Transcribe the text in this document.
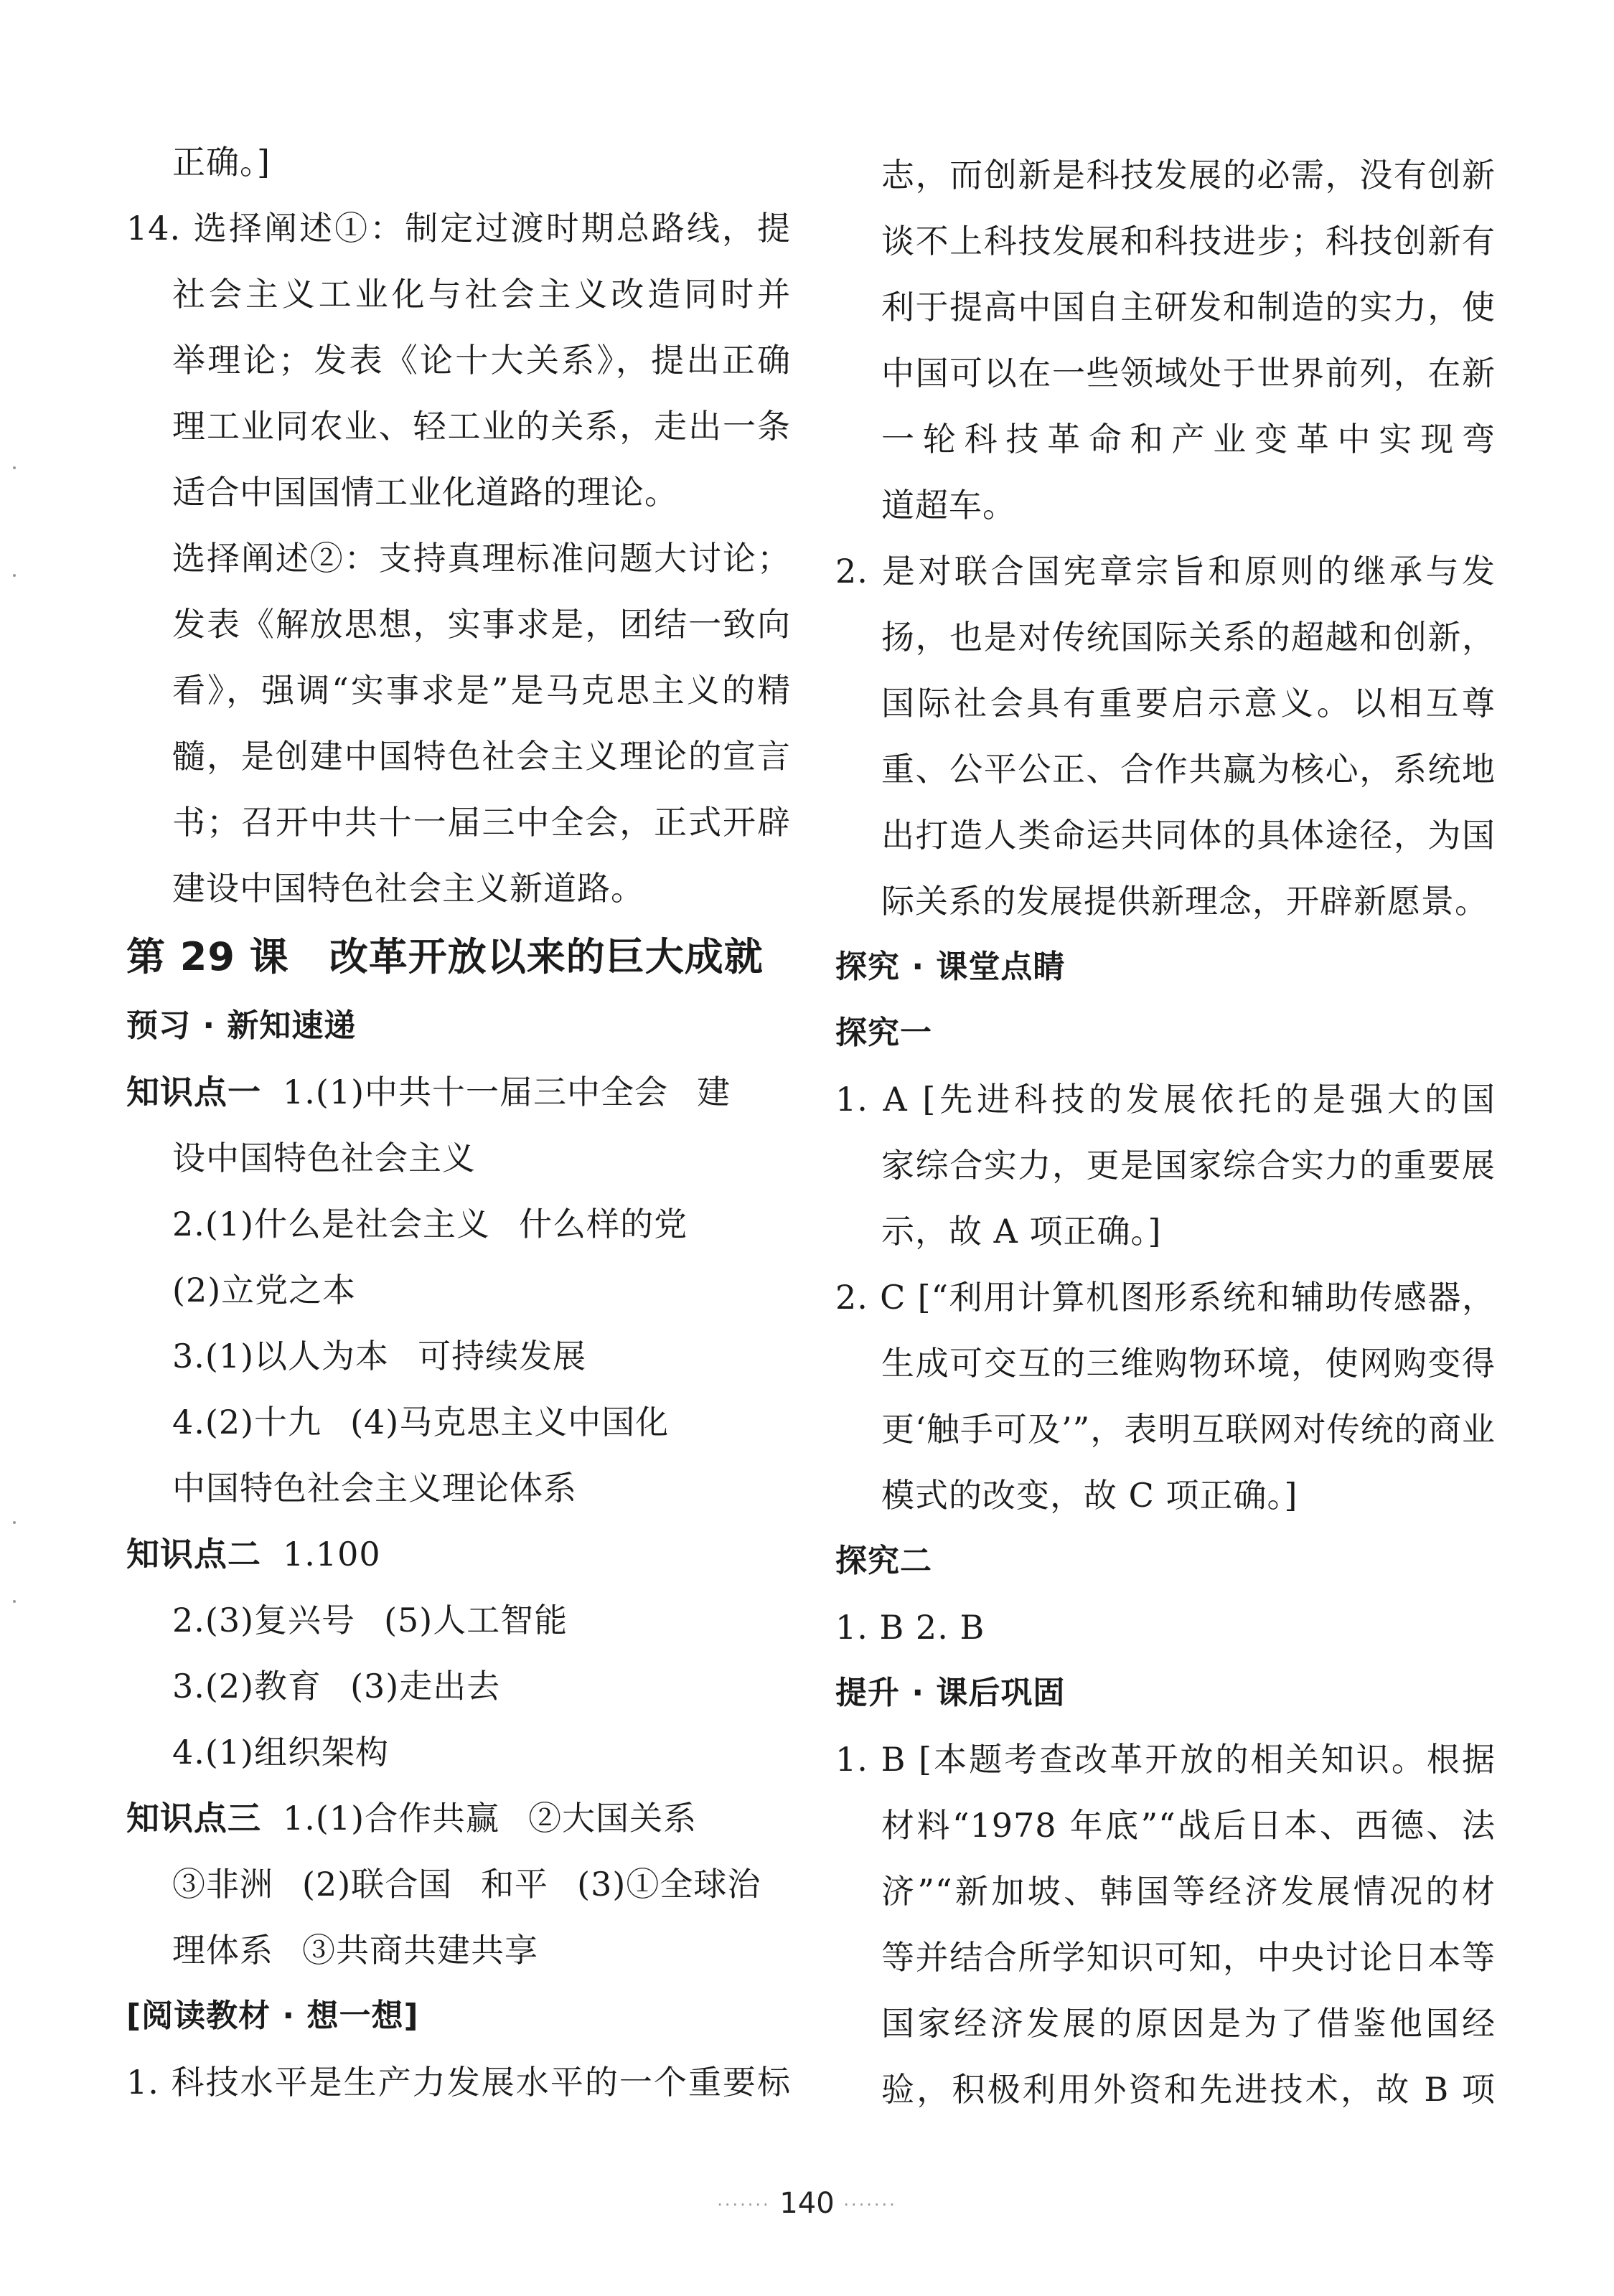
正确。]
14. 选择阐述①：制定过渡时期总路线，提
社会主义工业化与社会主义改造同时并
举理论；发表《论十大关系》，提出正确
理工业同农业、轻工业的关系，走出一条
适合中国国情工业化道路的理论。
选择阐述②：支持真理标准问题大讨论；
发表《解放思想，实事求是，团结一致向
看》，强调“实事求是”是马克思主义的精
髓，是创建中国特色社会主义理论的宣言
书；召开中共十一届三中全会，正式开辟
建设中国特色社会主义新道路。
第 29 课 改革开放以来的巨大成就
预习 · 新知速递
知识点一 1.(1)中共十一届三中全会 建
设中国特色社会主义
2.(1)什么是社会主义 什么样的党
(2)立党之本
3.(1)以人为本 可持续发展
4.(2)十九 (4)马克思主义中国化
中国特色社会主义理论体系
知识点二 1.100
2.(3)复兴号 (5)人工智能
3.(2)教育 (3)走出去
4.(1)组织架构
知识点三 1.(1)合作共赢 ②大国关系
③非洲 (2)联合国 和平 (3)①全球治
理体系 ③共商共建共享
[阅读教材 · 想一想]
1. 科技水平是生产力发展水平的一个重要标
志，而创新是科技发展的必需，没有创新
谈不上科技发展和科技进步；科技创新有
利于提高中国自主研发和制造的实力，使
中国可以在一些领域处于世界前列，在新
一轮科技革命和产业变革中实现弯
道超车。
2. 是对联合国宪章宗旨和原则的继承与发
扬，也是对传统国际关系的超越和创新，
国际社会具有重要启示意义。以相互尊
重、公平公正、合作共赢为核心，系统地
出打造人类命运共同体的具体途径，为国
际关系的发展提供新理念，开辟新愿景。
探究 · 课堂点睛
探究一
1. A [先进科技的发展依托的是强大的国
家综合实力，更是国家综合实力的重要展
示，故 A 项正确。]
2. C [“利用计算机图形系统和辅助传感器，
生成可交互的三维购物环境，使网购变得
更‘触手可及’”，表明互联网对传统的商业
模式的改变，故 C 项正确。]
探究二
1. B 2. B
提升 · 课后巩固
1. B [本题考查改革开放的相关知识。根据
材料“1978 年底”“战后日本、西德、法
济”“新加坡、韩国等经济发展情况的材
等并结合所学知识可知，中央讨论日本等
国家经济发展的原因是为了借鉴他国经
验，积极利用外资和先进技术，故 B 项
······· 140 ·······
